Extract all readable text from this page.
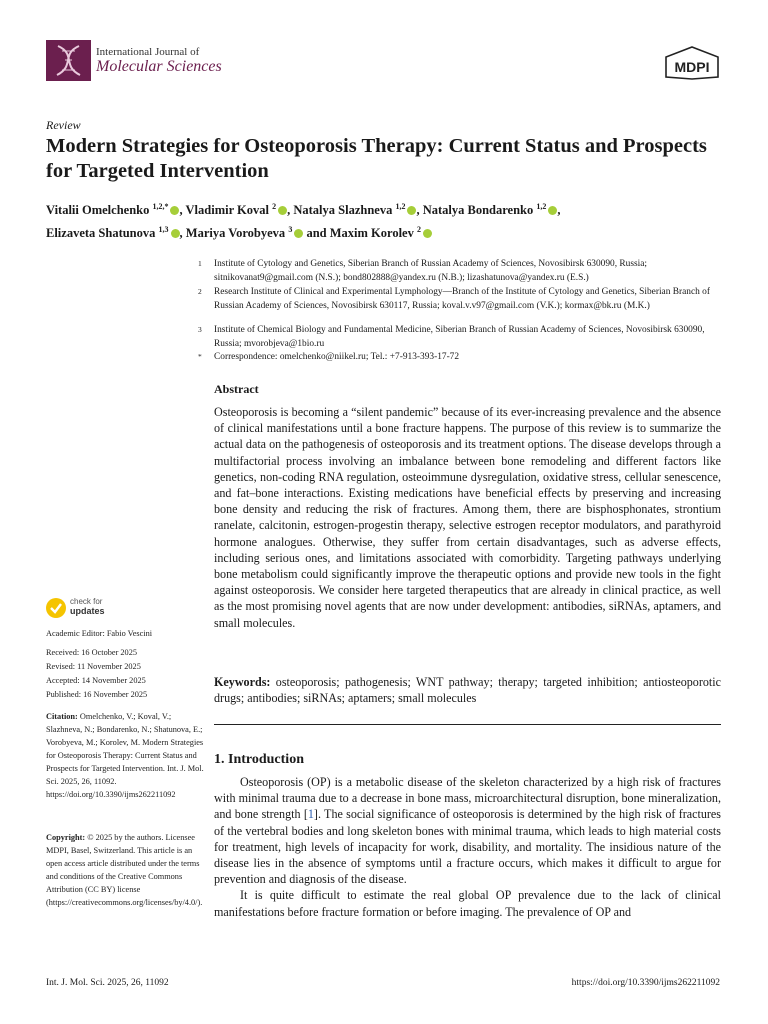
International Journal of
Molecular Sciences	MDPI
Review
Modern Strategies for Osteoporosis Therapy: Current Status and Prospects for Targeted Intervention
Vitalii Omelchenko $^{1,2,*}$ , Vladimir Koval $^2$ , Natalya Slazhneva $^{1,2}$ , Natalya Bondarenko $^{1,2}$ ,
Elizaveta Shatunova $^{1,3}$ , Mariya Vorobyeva $^3$ and Maxim Korolev $^2$
1 Institute of Cytology and Genetics, Siberian Branch of Russian Academy of Sciences, Novosibirsk 630090, Russia; sitnikovanat9@gmail.com (N.S.); bond802888@yandex.ru (N.B.); lizashatunova@yandex.ru (E.S.)
2 Research Institute of Clinical and Experimental Lymphology—Branch of the Institute of Cytology and Genetics, Siberian Branch of Russian Academy of Sciences, Novosibirsk 630117, Russia; koval.v.v97@gmail.com (V.K.); kormax@bk.ru (M.K.)
3 Institute of Chemical Biology and Fundamental Medicine, Siberian Branch of Russian Academy of Sciences, Novosibirsk 630090, Russia; mvorobjeva@1bio.ru
* Correspondence: omelchenko@niikel.ru; Tel.: +7-913-393-17-72
Abstract
Osteoporosis is becoming a “silent pandemic” because of its ever-increasing prevalence and the absence of clinical manifestations until a bone fracture happens. The purpose of this review is to summarize the actual data on the pathogenesis of osteoporosis and its treatment options. The disease develops through a multifactorial process involving an imbalance between bone remodeling and different factors like genetics, non-coding RNA regulation, osteoimmune dysregulation, oxidative stress, cellular senescence, and fat–bone interactions. Existing medications have beneficial effects by preserving and increasing bone density and reducing the risk of fractures. Among them, there are bisphosphonates, strontium ranelate, calcitonin, estrogen-progestin therapy, selective estrogen receptor modulators, and parathyroid hormone analogues. Otherwise, they suffer from certain disadvantages, such as adverse effects, including serious ones, and limitations associated with comorbidity. Targeting pathways underlying bone metabolism could significantly improve the therapeutic options and provide new tools in the fight against osteoporosis. We consider here targeted therapeutics that are already in clinical practice, as well as the most promising novel agents that are now under development: antibodies, siRNAs, aptamers, and small molecules.
Keywords: osteoporosis; pathogenesis; WNT pathway; therapy; targeted inhibition; antiosteoporotic drugs; antibodies; siRNAs; aptamers; small molecules
1. Introduction

Osteoporosis (OP) is a metabolic disease of the skeleton characterized by a high risk of fractures with minimal trauma due to a decrease in bone mass, microarchitectural disruption, bone mineralization, and bone strength [1]. The social significance of osteoporosis is determined by the high risk of fractures of the vertebral bodies and long skeleton bones with minimal trauma, which leads to high material costs for treatment, high levels of incapacity for work, disability, and mortality. The insidious nature of the disease lies in the absence of symptoms until a fracture occurs, which makes it difficult to argue for prevention and diagnosis of the disease.

It is quite difficult to estimate the real global OP prevalence due to the lack of clinical manifestations before fracture formation or before imaging. The prevalence of OP and

check for
updates
Academic Editor: Fabio Vescini
Received: 16 October 2025
Revised: 11 November 2025
Accepted: 14 November 2025
Published: 16 November 2025
Citation: Omelchenko, V.; Koval, V.; Slazhneva, N.; Bondarenko, N.; Shatunova, E.; Vorobyeva, M.; Korolev, M. Modern Strategies for Osteoporosis Therapy: Current Status and Prospects for Targeted Intervention. Int. J. Mol. Sci. 2025, 26, 11092. https://doi.org/10.3390/ijms262211092
Copyright: © 2025 by the authors. Licensee MDPI, Basel, Switzerland. This article is an open access article distributed under the terms and conditions of the Creative Commons Attribution (CC BY) license (https://creativecommons.org/licenses/by/4.0/).
Int. J. Mol. Sci. 2025, 26, 11092	https://doi.org/10.3390/ijms262211092
